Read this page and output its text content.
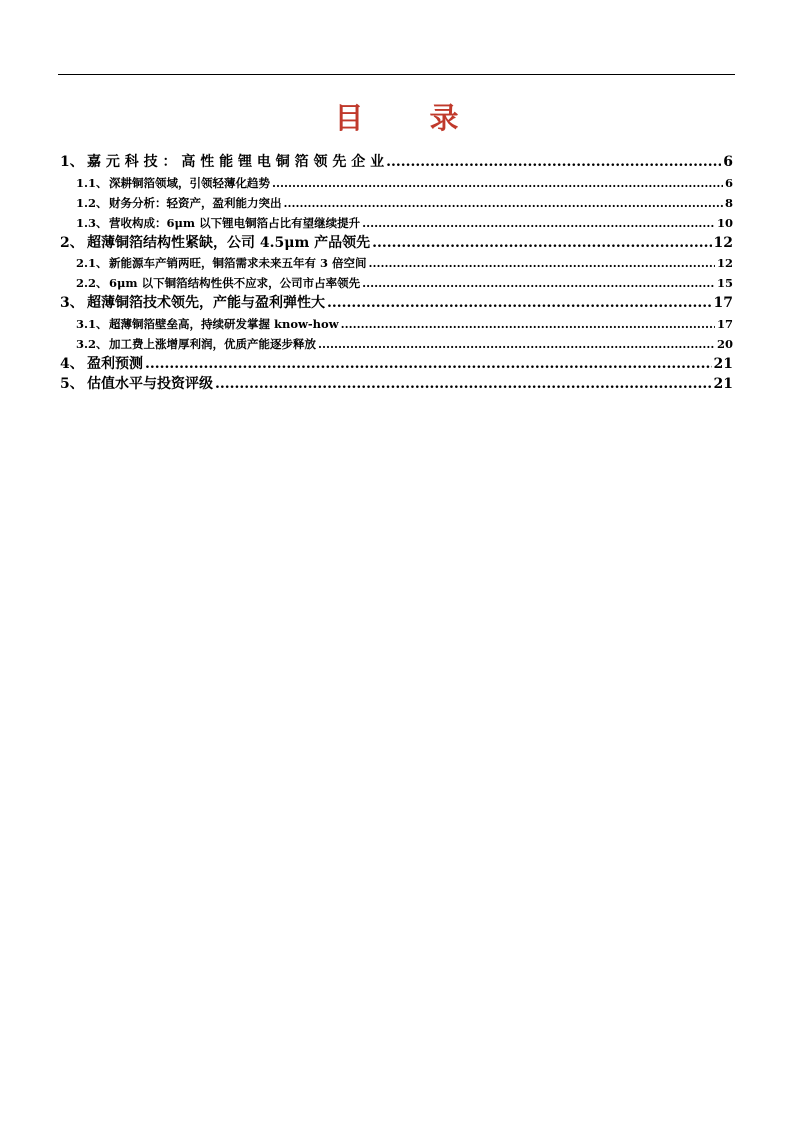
目 录
1、 嘉 元 科 技 ： 高 性 能 锂 电 铜 箔 领 先 企 业 .....	6
1.1、 深耕铜箔领域，引领轻薄化趋势 .....	6
1.2、 财务分析：轻资产，盈利能力突出 .....	8
1.3、 营收构成：6μm 以下锂电铜箔占比有望继续提升 .....	10
2、 超薄铜箔结构性紧缺，公司 4.5μm 产品领先 .....	12
2.1、 新能源车产销两旺，铜箔需求未来五年有 3 倍空间 .....	12
2.2、 6μm 以下铜箔结构性供不应求，公司市占率领先 .....	15
3、 超薄铜箔技术领先，产能与盈利弹性大 .....	17
3.1、 超薄铜箔壁垒高，持续研发掌握 know-how .....	17
3.2、 加工费上涨增厚利润，优质产能逐步释放 .....	20
4、 盈利预测 .....	21
5、 估值水平与投资评级 .....	21
